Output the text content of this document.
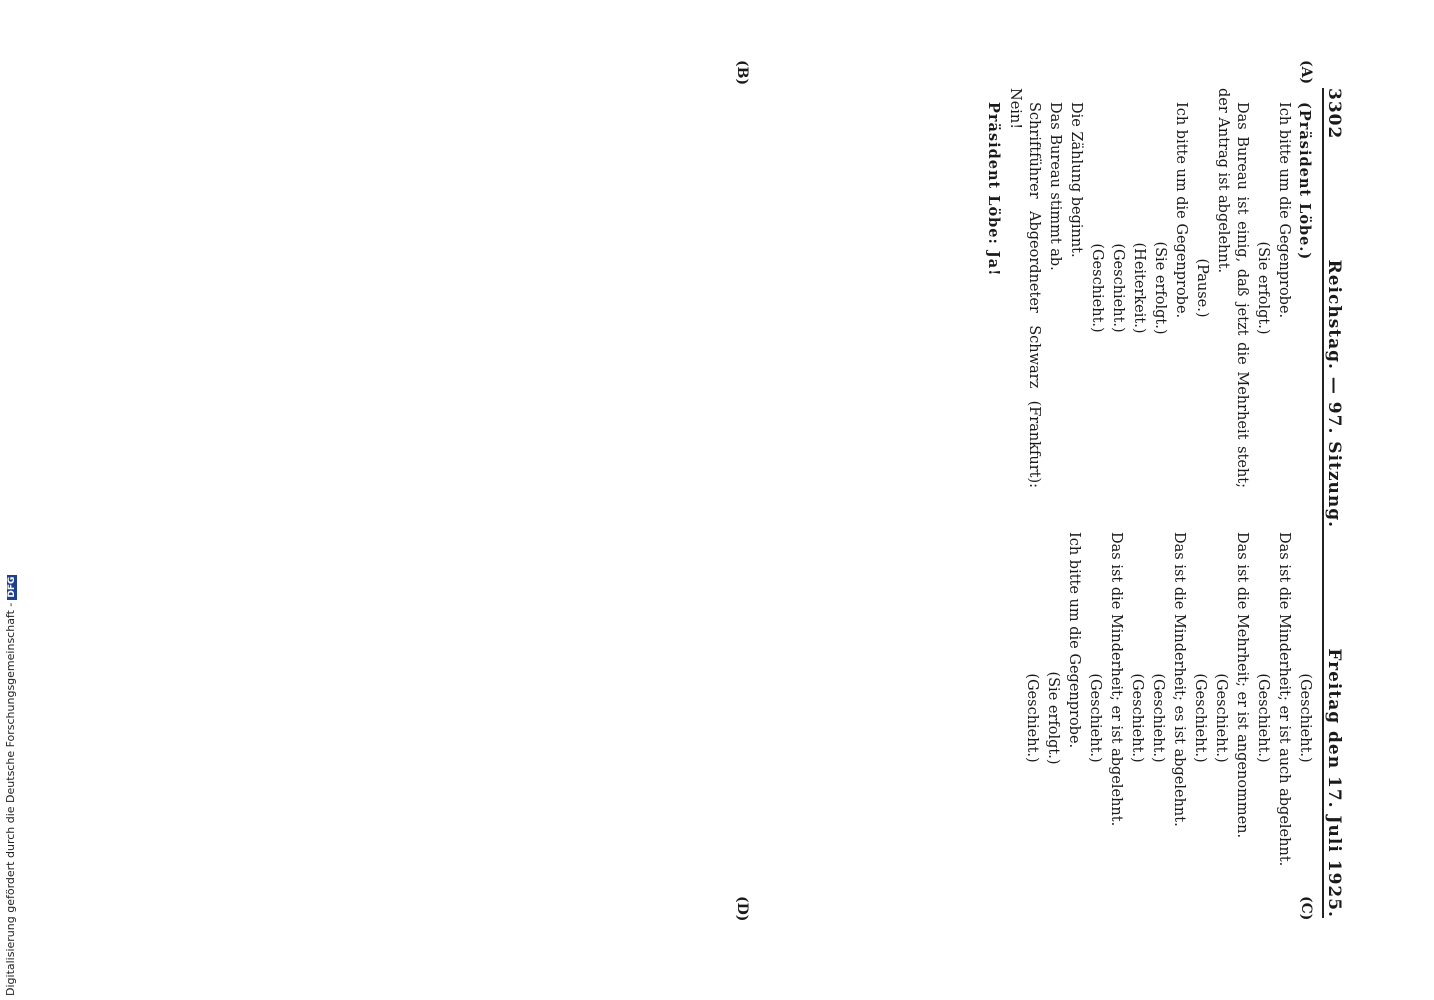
3302
Reichstag. — 97. Sitzung.
Freitag den 17. Juli 1925.
(A)
(B)
(C)
(D)

(Präsident Löbe.)

Ich bitte um die Gegenprobe.

(Sie erfolgt.)

Das Bureau ist einig, daß jetzt die Mehrheit steht; der Antrag ist abgelehnt.

(Pause.)

Ich bitte um die Gegenprobe.

(Sie erfolgt.)

(Heiterkeit.)

(Geschieht.)

(Geschieht.)

Die Zählung beginnt.

Das Bureau stimmt ab.

Schriftführer Abgeordneter Schwarz (Frankfurt): Nein!

Präsident Löbe: Ja!

(Geschieht.)

Das ist die Minderheit; er ist auch abgelehnt.

(Geschieht.)

Das ist die Mehrheit; er ist angenommen.

(Geschieht.)

(Geschieht.)

Das ist die Minderheit; es ist abgelehnt.

(Geschieht.)

(Geschieht.)

Das ist die Minderheit; er ist abgelehnt.

(Geschieht.)

Ich bitte um die Gegenprobe.

(Sie erfolgt.)

(Geschieht.)

Digitalisierung gefördert durch die Deutsche Forschungsgemeinschaft -DFG
